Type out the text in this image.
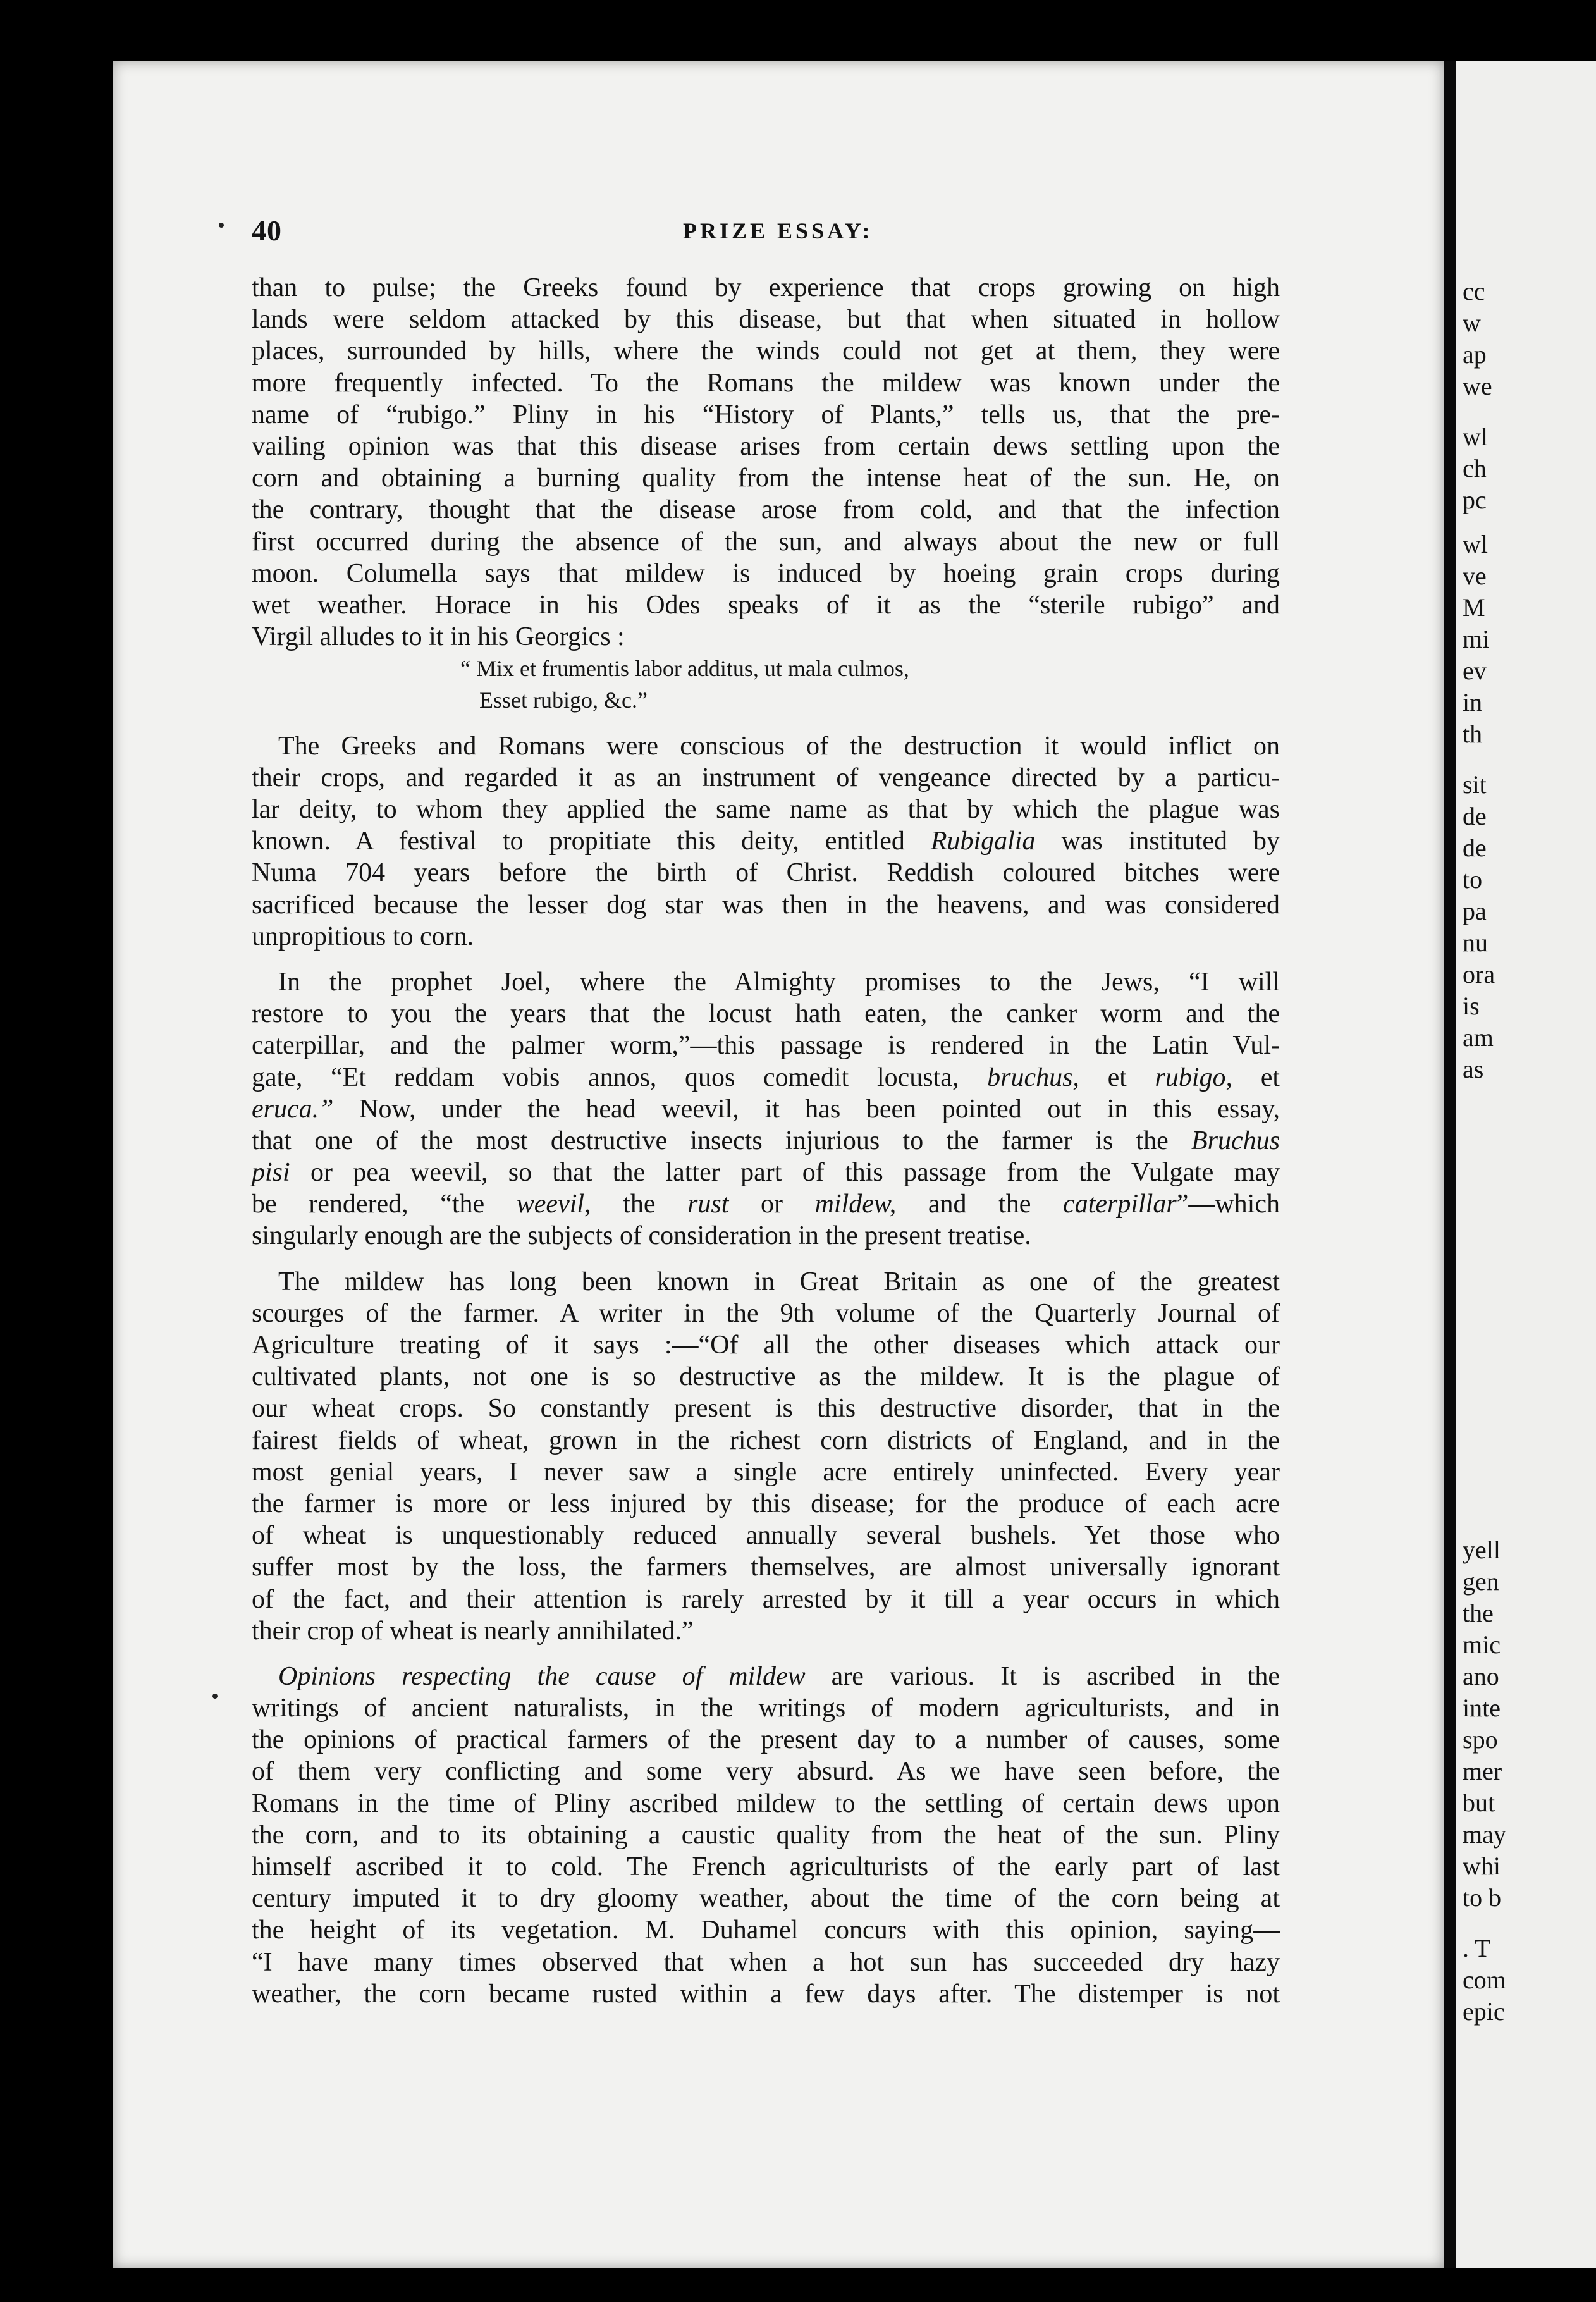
cc
w
ap
we
wl
ch
pc
wl
ve
M
mi
ev
in
th
sit
de
de
to
pa
nu
ora
is
am
as
yell
gen
the
mic
ano
inte
spo
mer
but
may
whi
to b
. T
com
epic
40	PRIZE ESSAY:
than to pulse; the Greeks found by experience that crops growing on high
lands were seldom attacked by this disease, but that when situated in hollow
places, surrounded by hills, where the winds could not get at them, they were
more frequently infected. To the Romans the mildew was known under the
name of “rubigo.” Pliny in his “History of Plants,” tells us, that the pre-
vailing opinion was that this disease arises from certain dews settling upon the
corn and obtaining a burning quality from the intense heat of the sun. He, on
the contrary, thought that the disease arose from cold, and that the infection
first occurred during the absence of the sun, and always about the new or full
moon. Columella says that mildew is induced by hoeing grain crops during
wet weather. Horace in his Odes speaks of it as the “sterile rubigo” and
Virgil alludes to it in his Georgics :
“ Mix et frumentis labor additus, ut mala culmos,
Esset rubigo, &c.”
The Greeks and Romans were conscious of the destruction it would inflict on
their crops, and regarded it as an instrument of vengeance directed by a particu-
lar deity, to whom they applied the same name as that by which the plague was
known. A festival to propitiate this deity, entitled Rubigalia was instituted by
Numa 704 years before the birth of Christ. Reddish coloured bitches were
sacrificed because the lesser dog star was then in the heavens, and was considered
unpropitious to corn.
In the prophet Joel, where the Almighty promises to the Jews, “I will
restore to you the years that the locust hath eaten, the canker worm and the
caterpillar, and the palmer worm,”—this passage is rendered in the Latin Vul-
gate, “Et reddam vobis annos, quos comedit locusta, bruchus, et rubigo, et
eruca.” Now, under the head weevil, it has been pointed out in this essay,
that one of the most destructive insects injurious to the farmer is the Bruchus
pisi or pea weevil, so that the latter part of this passage from the Vulgate may
be rendered, “the weevil, the rust or mildew, and the caterpillar”—which
singularly enough are the subjects of consideration in the present treatise.
The mildew has long been known in Great Britain as one of the greatest
scourges of the farmer. A writer in the 9th volume of the Quarterly Journal of
Agriculture treating of it says :—“Of all the other diseases which attack our
cultivated plants, not one is so destructive as the mildew. It is the plague of
our wheat crops. So constantly present is this destructive disorder, that in the
fairest fields of wheat, grown in the richest corn districts of England, and in the
most genial years, I never saw a single acre entirely uninfected. Every year
the farmer is more or less injured by this disease; for the produce of each acre
of wheat is unquestionably reduced annually several bushels. Yet those who
suffer most by the loss, the farmers themselves, are almost universally ignorant
of the fact, and their attention is rarely arrested by it till a year occurs in which
their crop of wheat is nearly annihilated.”
Opinions respecting the cause of mildew are various. It is ascribed in the
writings of ancient naturalists, in the writings of modern agriculturists, and in
the opinions of practical farmers of the present day to a number of causes, some
of them very conflicting and some very absurd. As we have seen before, the
Romans in the time of Pliny ascribed mildew to the settling of certain dews upon
the corn, and to its obtaining a caustic quality from the heat of the sun. Pliny
himself ascribed it to cold. The French agriculturists of the early part of last
century imputed it to dry gloomy weather, about the time of the corn being at
the height of its vegetation. M. Duhamel concurs with this opinion, saying—
“I have many times observed that when a hot sun has succeeded dry hazy
weather, the corn became rusted within a few days after. The distemper is not
